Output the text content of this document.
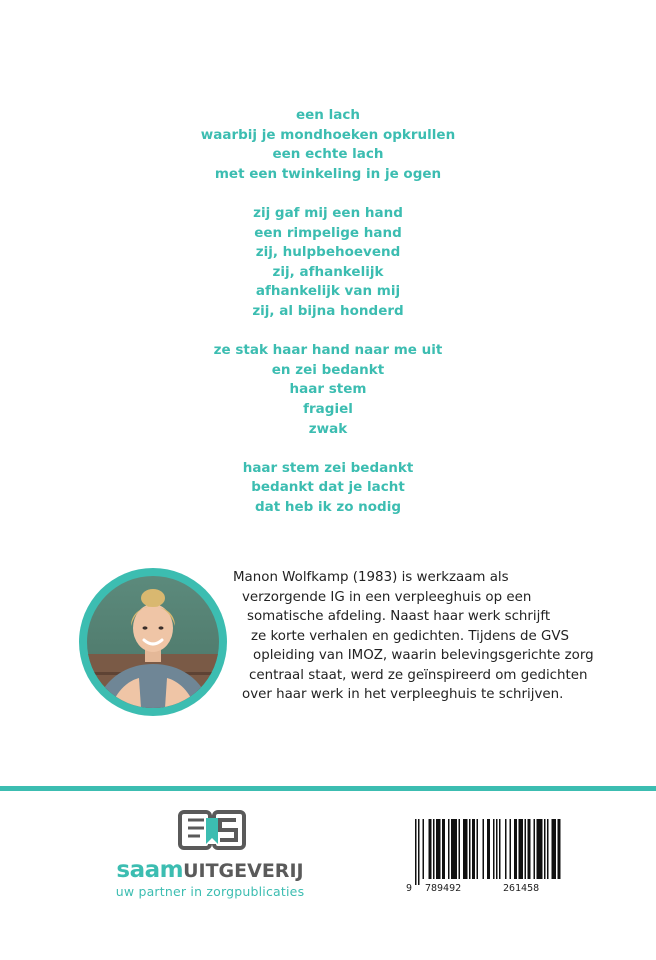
een lach
waarbij je mondhoeken opkrullen
een echte lach
met een twinkeling in je ogen
zij gaf mij een hand
een rimpelige hand
zij, hulpbehoevend
zij, afhankelijk
afhankelijk van mij
zij, al bijna honderd
ze stak haar hand naar me uit
en zei bedankt
haar stem
fragiel
zwak
haar stem zei bedankt
bedankt dat je lacht
dat heb ik zo nodig
Manon Wolfkamp (1983) is werkzaam als
verzorgende IG in een verpleeghuis op een
somatische afdeling. Naast haar werk schrijft
ze korte verhalen en gedichten. Tijdens de GVS
opleiding van IMOZ, waarin belevingsgerichte zorg
centraal staat, werd ze geïnspireerd om gedichten
over haar werk in het verpleeghuis te schrijven.
saamUITGEVERIJ
uw partner in zorgpublicaties	9 789492	261458
